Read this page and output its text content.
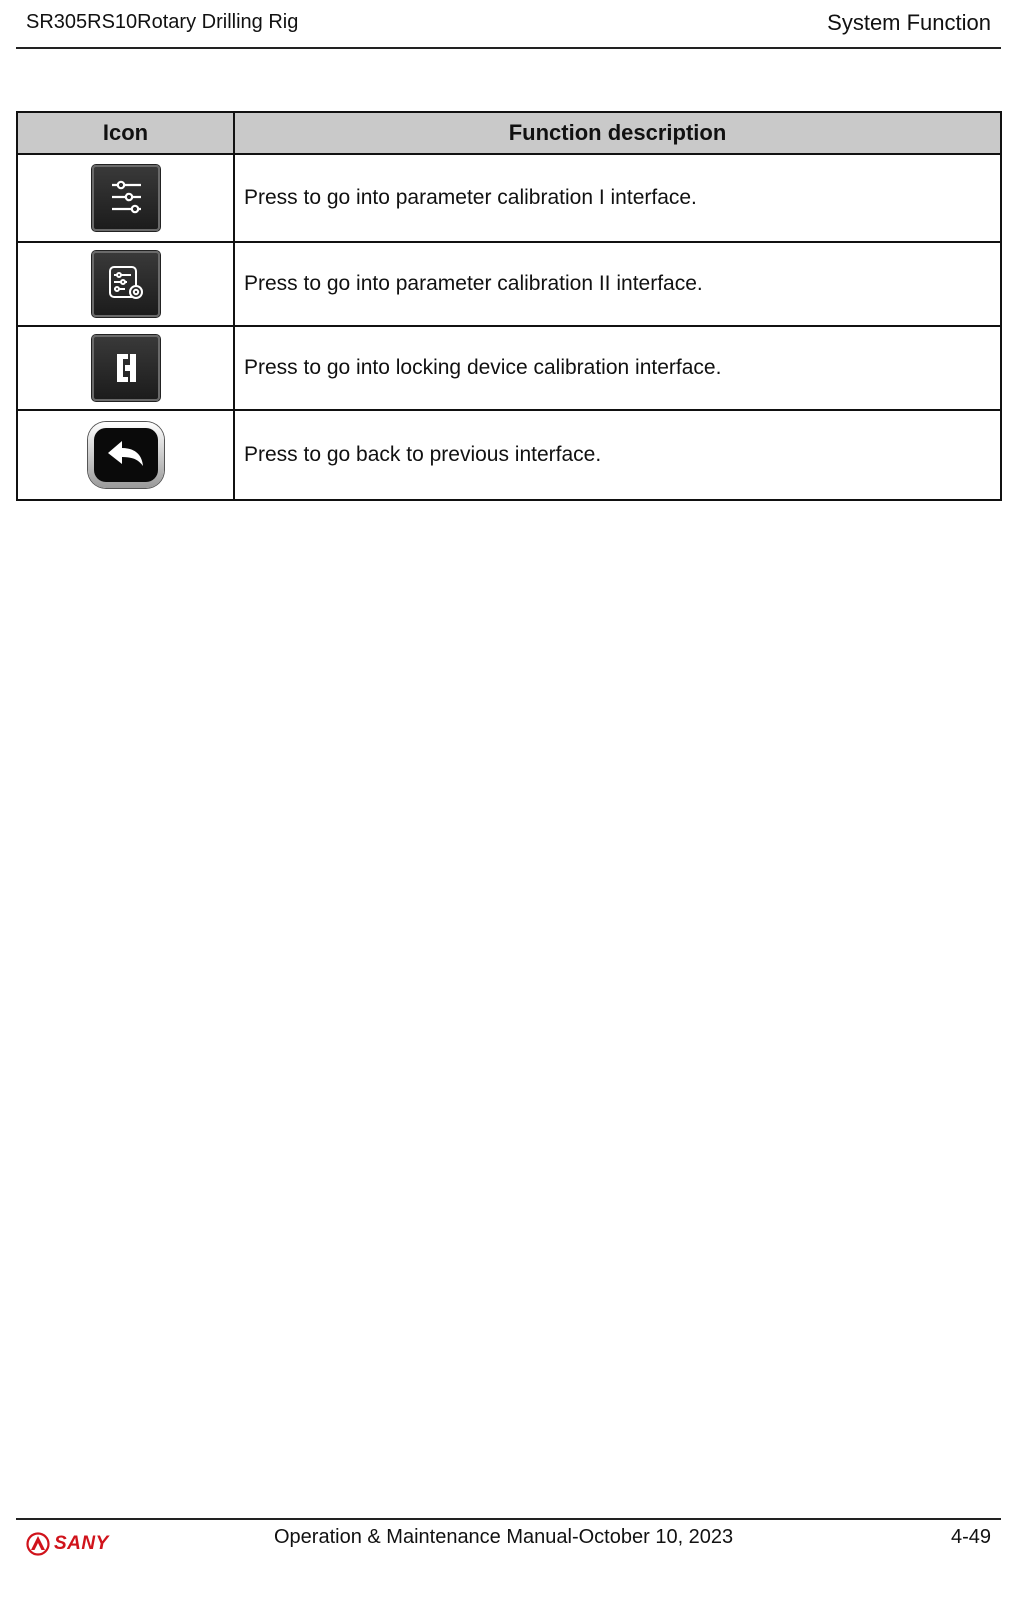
SR305RS10Rotary Drilling Rig	System Function
Icon	Function description

	Press to go into parameter calibration I interface.

	Press to go into parameter calibration II interface.

	Press to go into locking device calibration interface.

	Press to go back to previous interface.
SANY	Operation & Maintenance Manual-October 10, 2023	4-49
